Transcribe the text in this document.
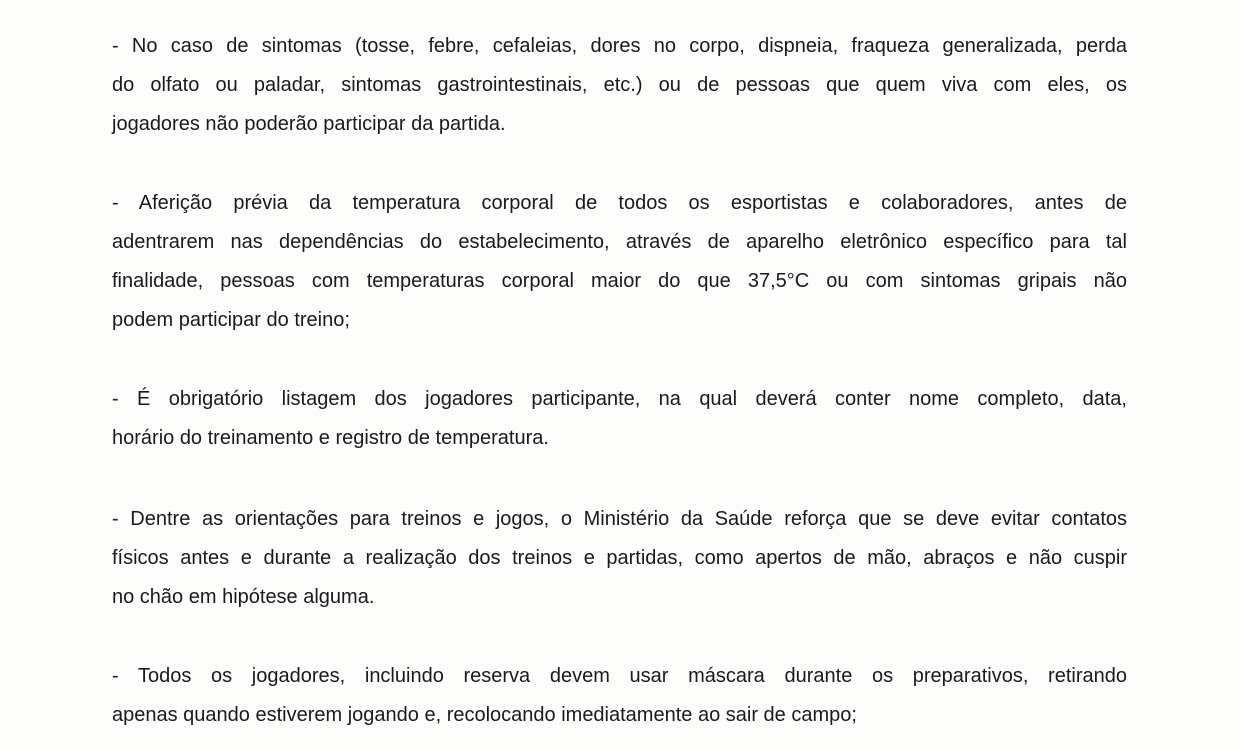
- No caso de sintomas (tosse, febre, cefaleias, dores no corpo, dispneia, fraqueza generalizada, perda
do olfato ou paladar, sintomas gastrointestinais, etc.) ou de pessoas que quem viva com eles, os
jogadores não poderão participar da partida.

- Aferição prévia da temperatura corporal de todos os esportistas e colaboradores, antes de
adentrarem nas dependências do estabelecimento, através de aparelho eletrônico específico para tal
finalidade, pessoas com temperaturas corporal maior do que 37,5°C ou com sintomas gripais não
podem participar do treino;

- É obrigatório listagem dos jogadores participante, na qual deverá conter nome completo, data,
horário do treinamento e registro de temperatura.

- Dentre as orientações para treinos e jogos, o Ministério da Saúde reforça que se deve evitar contatos
físicos antes e durante a realização dos treinos e partidas, como apertos de mão, abraços e não cuspir
no chão em hipótese alguma.

- Todos os jogadores, incluindo reserva devem usar máscara durante os preparativos, retirando
apenas quando estiverem jogando e, recolocando imediatamente ao sair de campo;
